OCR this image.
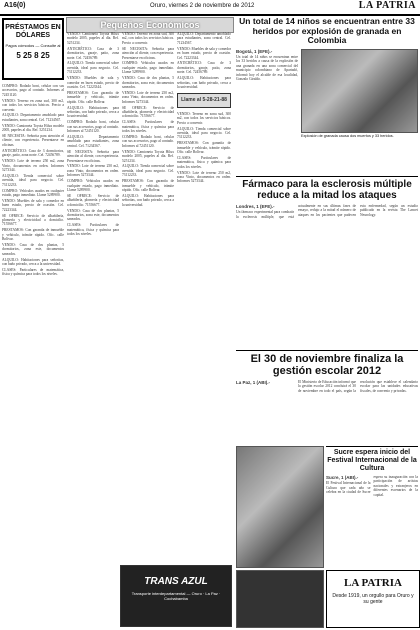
A16(0)	Oruro, viernes 2 de noviembre de 2012	LA PATRIA
PRÉSTAMOS EN DÓLARES
Pagos cómodos — Consulte al
5 25 8 25
COMPRO: Rodado boni, celular con sus accesorios, pago al contado. Informes al 72451120.
VENDO: Terreno en zona sud, 300 m2, con todos los servicios básicos. Precio a convenir.
ALQUILO: Departamento amoblado para estudiantes, zona central. Cel. 71234567.
VENDO: Camioneta Toyota Hilux modelo 2005, papeles al día. Ref. 5251234.
SE NECESITA: Señorita para atención al cliente, con experiencia. Presentarse en oficinas.
ANTICRÉTICO: Casa de 3 dormitorios, garaje, patio, zona norte. Cel. 72456789.
VENDO: Lote de terreno 250 m2, zona Vinto, documentos en orden. Informes 5273344.
ALQUILO: Tienda comercial sobre avenida, ideal para negocio. Cel. 73112233.
COMPRO: Vehículos usados en cualquier estado, pago inmediato. Llame 5289900.
VENDO: Muebles de sala y comedor en buen estado, precio de ocasión. Cel. 72223344.
SE OFRECE: Servicio de albañilería, plomería y electricidad a domicilio. 71556677.
PRESTAMOS: Con garantía de inmueble y vehículo, trámite rápido. Ofic. calle Bolívar.
VENDO: Casa de dos plantas, 5 dormitorios, zona este, documentos saneados.
ALQUILO: Habitaciones para señoritas, con baño privado, cerca a la universidad.
CLASES: Particulares de matemática, física y química para todos los niveles.
Pequeños Económicos
VENDO: Camioneta Toyota Hilux modelo 2005, papeles al día. Ref. 5251234.
ANTICRÉTICO: Casa de 3 dormitorios, garaje, patio, zona norte. Cel. 72456789.
ALQUILO: Tienda comercial sobre avenida, ideal para negocio. Cel. 73112233.
VENDO: Muebles de sala y comedor en buen estado, precio de ocasión. Cel. 72223344.
PRESTAMOS: Con garantía de inmueble y vehículo, trámite rápido. Ofic. calle Bolívar.
ALQUILO: Habitaciones para señoritas, con baño privado, cerca a la universidad.
COMPRO: Rodado boni, celular con sus accesorios, pago al contado. Informes al 72451120.
ALQUILO: Departamento amoblado para estudiantes, zona central. Cel. 71234567.
SE NECESITA: Señorita para atención al cliente, con experiencia. Presentarse en oficinas.
VENDO: Lote de terreno 250 m2, zona Vinto, documentos en orden. Informes 5273344.
COMPRO: Vehículos usados en cualquier estado, pago inmediato. Llame 5289900.
SE OFRECE: Servicio de albañilería, plomería y electricidad a domicilio. 71556677.
VENDO: Casa de dos plantas, 5 dormitorios, zona este, documentos saneados.
CLASES: Particulares de matemática, física y química para todos los niveles.
VENDO: Terreno en zona sud, 300 m2, con todos los servicios básicos. Precio a convenir.
SE NECESITA: Señorita para atención al cliente, con experiencia. Presentarse en oficinas.
COMPRO: Vehículos usados en cualquier estado, pago inmediato. Llame 5289900.
VENDO: Casa de dos plantas, 5 dormitorios, zona este, documentos saneados.
VENDO: Lote de terreno 250 m2, zona Vinto, documentos en orden. Informes 5273344.
SE OFRECE: Servicio de albañilería, plomería y electricidad a domicilio. 71556677.
CLASES: Particulares de matemática, física y química para todos los niveles.
COMPRO: Rodado boni, celular con sus accesorios, pago al contado. Informes al 72451120.
VENDO: Camioneta Toyota Hilux modelo 2005, papeles al día. Ref. 5251234.
ALQUILO: Tienda comercial sobre avenida, ideal para negocio. Cel. 73112233.
PRESTAMOS: Con garantía de inmueble y vehículo, trámite rápido. Ofic. calle Bolívar.
ALQUILO: Habitaciones para señoritas, con baño privado, cerca a la universidad.
ALQUILO: Departamento amoblado para estudiantes, zona central. Cel. 71234567.
VENDO: Muebles de sala y comedor en buen estado, precio de ocasión. Cel. 72223344.
ANTICRÉTICO: Casa de 3 dormitorios, garaje, patio, zona norte. Cel. 72456789.
ALQUILO: Habitaciones para señoritas, con baño privado, cerca a la universidad.
Llame al 5-28-21-88
VENDO: Terreno en zona sud, 300 m2, con todos los servicios básicos. Precio a convenir.
ALQUILO: Tienda comercial sobre avenida, ideal para negocio. Cel. 73112233.
PRESTAMOS: Con garantía de inmueble y vehículo, trámite rápido. Ofic. calle Bolívar.
CLASES: Particulares de matemática, física y química para todos los niveles.
VENDO: Lote de terreno 250 m2, zona Vinto, documentos en orden. Informes 5273344.
TRANS AZUL
Transporte interdepartamental — Oruro · La Paz · Cochabamba
Un total de 14 niños se encuentran entre 33 heridos por explosión de granada en Colombia
Bogotá, 1 (EFE).-

Un total de 14 niños se encuentran entre los 33 heridos a causa de la explosión de una granada en una zona comercial del municipio colombiano de Apartadó, informó hoy el alcalde de esa localidad, Gonzalo Giraldo.

Explosión de granada causa dos muertos y 33 heridos.
Fármaco para la esclerosis múltiple reduce a la mitad los ataques
Londres, 1 (EFE).-

Un fármaco experimental para combatir la esclerosis múltiple, que está actualmente en sus últimas fases de ensayo, redujo a la mitad el número de ataques en los pacientes que padecen esta enfermedad, según un estudio publicado en la revista The Lancet Neurology.

El 30 de noviembre finaliza la gestión escolar 2012
La Paz, 1 (ABI).-	El Ministerio de Educación informó que la gestión escolar 2012 concluirá el 30 de noviembre en todo el país, según la resolución que establece el calendario escolar para las unidades educativas fiscales, de convenio y privadas.

Sucre espera inicio del Festival Internacional de la Cultura
Sucre, 1 (ABI).-

El Festival Internacional de la Cultura que cada año se celebra en la ciudad de Sucre espera su inauguración con la participación de artistas nacionales y extranjeros en diferentes escenarios de la capital.

LA PATRIA
Desde 1919, un orgullo para Oruro y su gente
